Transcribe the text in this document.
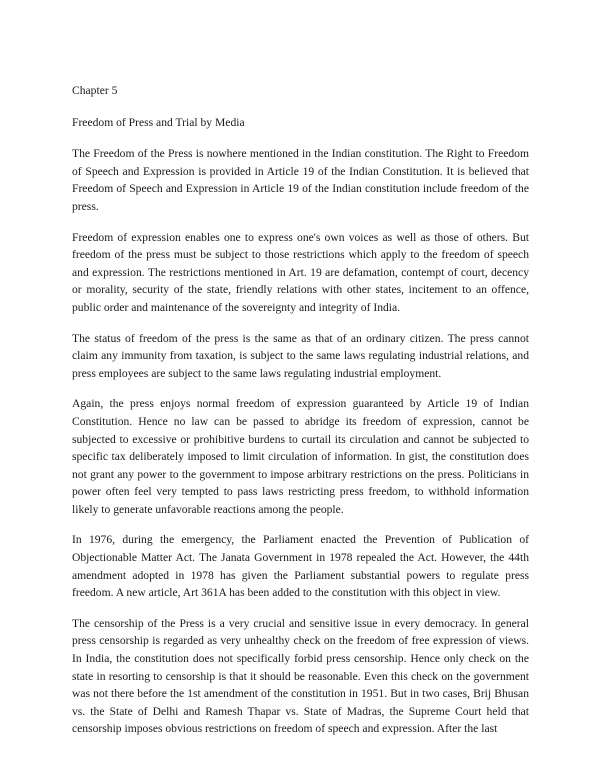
Chapter 5

Freedom of Press and Trial by Media

The Freedom of the Press is nowhere mentioned in the Indian constitution. The Right to Freedom of Speech and Expression is provided in Article 19 of the Indian Constitution. It is believed that Freedom of Speech and Expression in Article 19 of the Indian constitution include freedom of the press.

Freedom of expression enables one to express one's own voices as well as those of others. But freedom of the press must be subject to those restrictions which apply to the freedom of speech and expression. The restrictions mentioned in Art. 19 are defamation, contempt of court, decency or morality, security of the state, friendly relations with other states, incitement to an offence, public order and maintenance of the sovereignty and integrity of India.

The status of freedom of the press is the same as that of an ordinary citizen. The press cannot claim any immunity from taxation, is subject to the same laws regulating industrial relations, and press employees are subject to the same laws regulating industrial employment.

Again, the press enjoys normal freedom of expression guaranteed by Article 19 of Indian Constitution. Hence no law can be passed to abridge its freedom of expression, cannot be subjected to excessive or prohibitive burdens to curtail its circulation and cannot be subjected to specific tax deliberately imposed to limit circulation of information. In gist, the constitution does not grant any power to the government to impose arbitrary restrictions on the press. Politicians in power often feel very tempted to pass laws restricting press freedom, to withhold information likely to generate unfavorable reactions among the people.

In 1976, during the emergency, the Parliament enacted the Prevention of Publication of Objectionable Matter Act. The Janata Government in 1978 repealed the Act. However, the 44th amendment adopted in 1978 has given the Parliament substantial powers to regulate press freedom. A new article, Art 361A has been added to the constitution with this object in view.

The censorship of the Press is a very crucial and sensitive issue in every democracy. In general press censorship is regarded as very unhealthy check on the freedom of free expression of views. In India, the constitution does not specifically forbid press censorship. Hence only check on the state in resorting to censorship is that it should be reasonable. Even this check on the government was not there before the 1st amendment of the constitution in 1951. But in two cases, Brij Bhusan vs. the State of Delhi and Ramesh Thapar vs. State of Madras, the Supreme Court held that censorship imposes obvious restrictions on freedom of speech and expression. After the last
